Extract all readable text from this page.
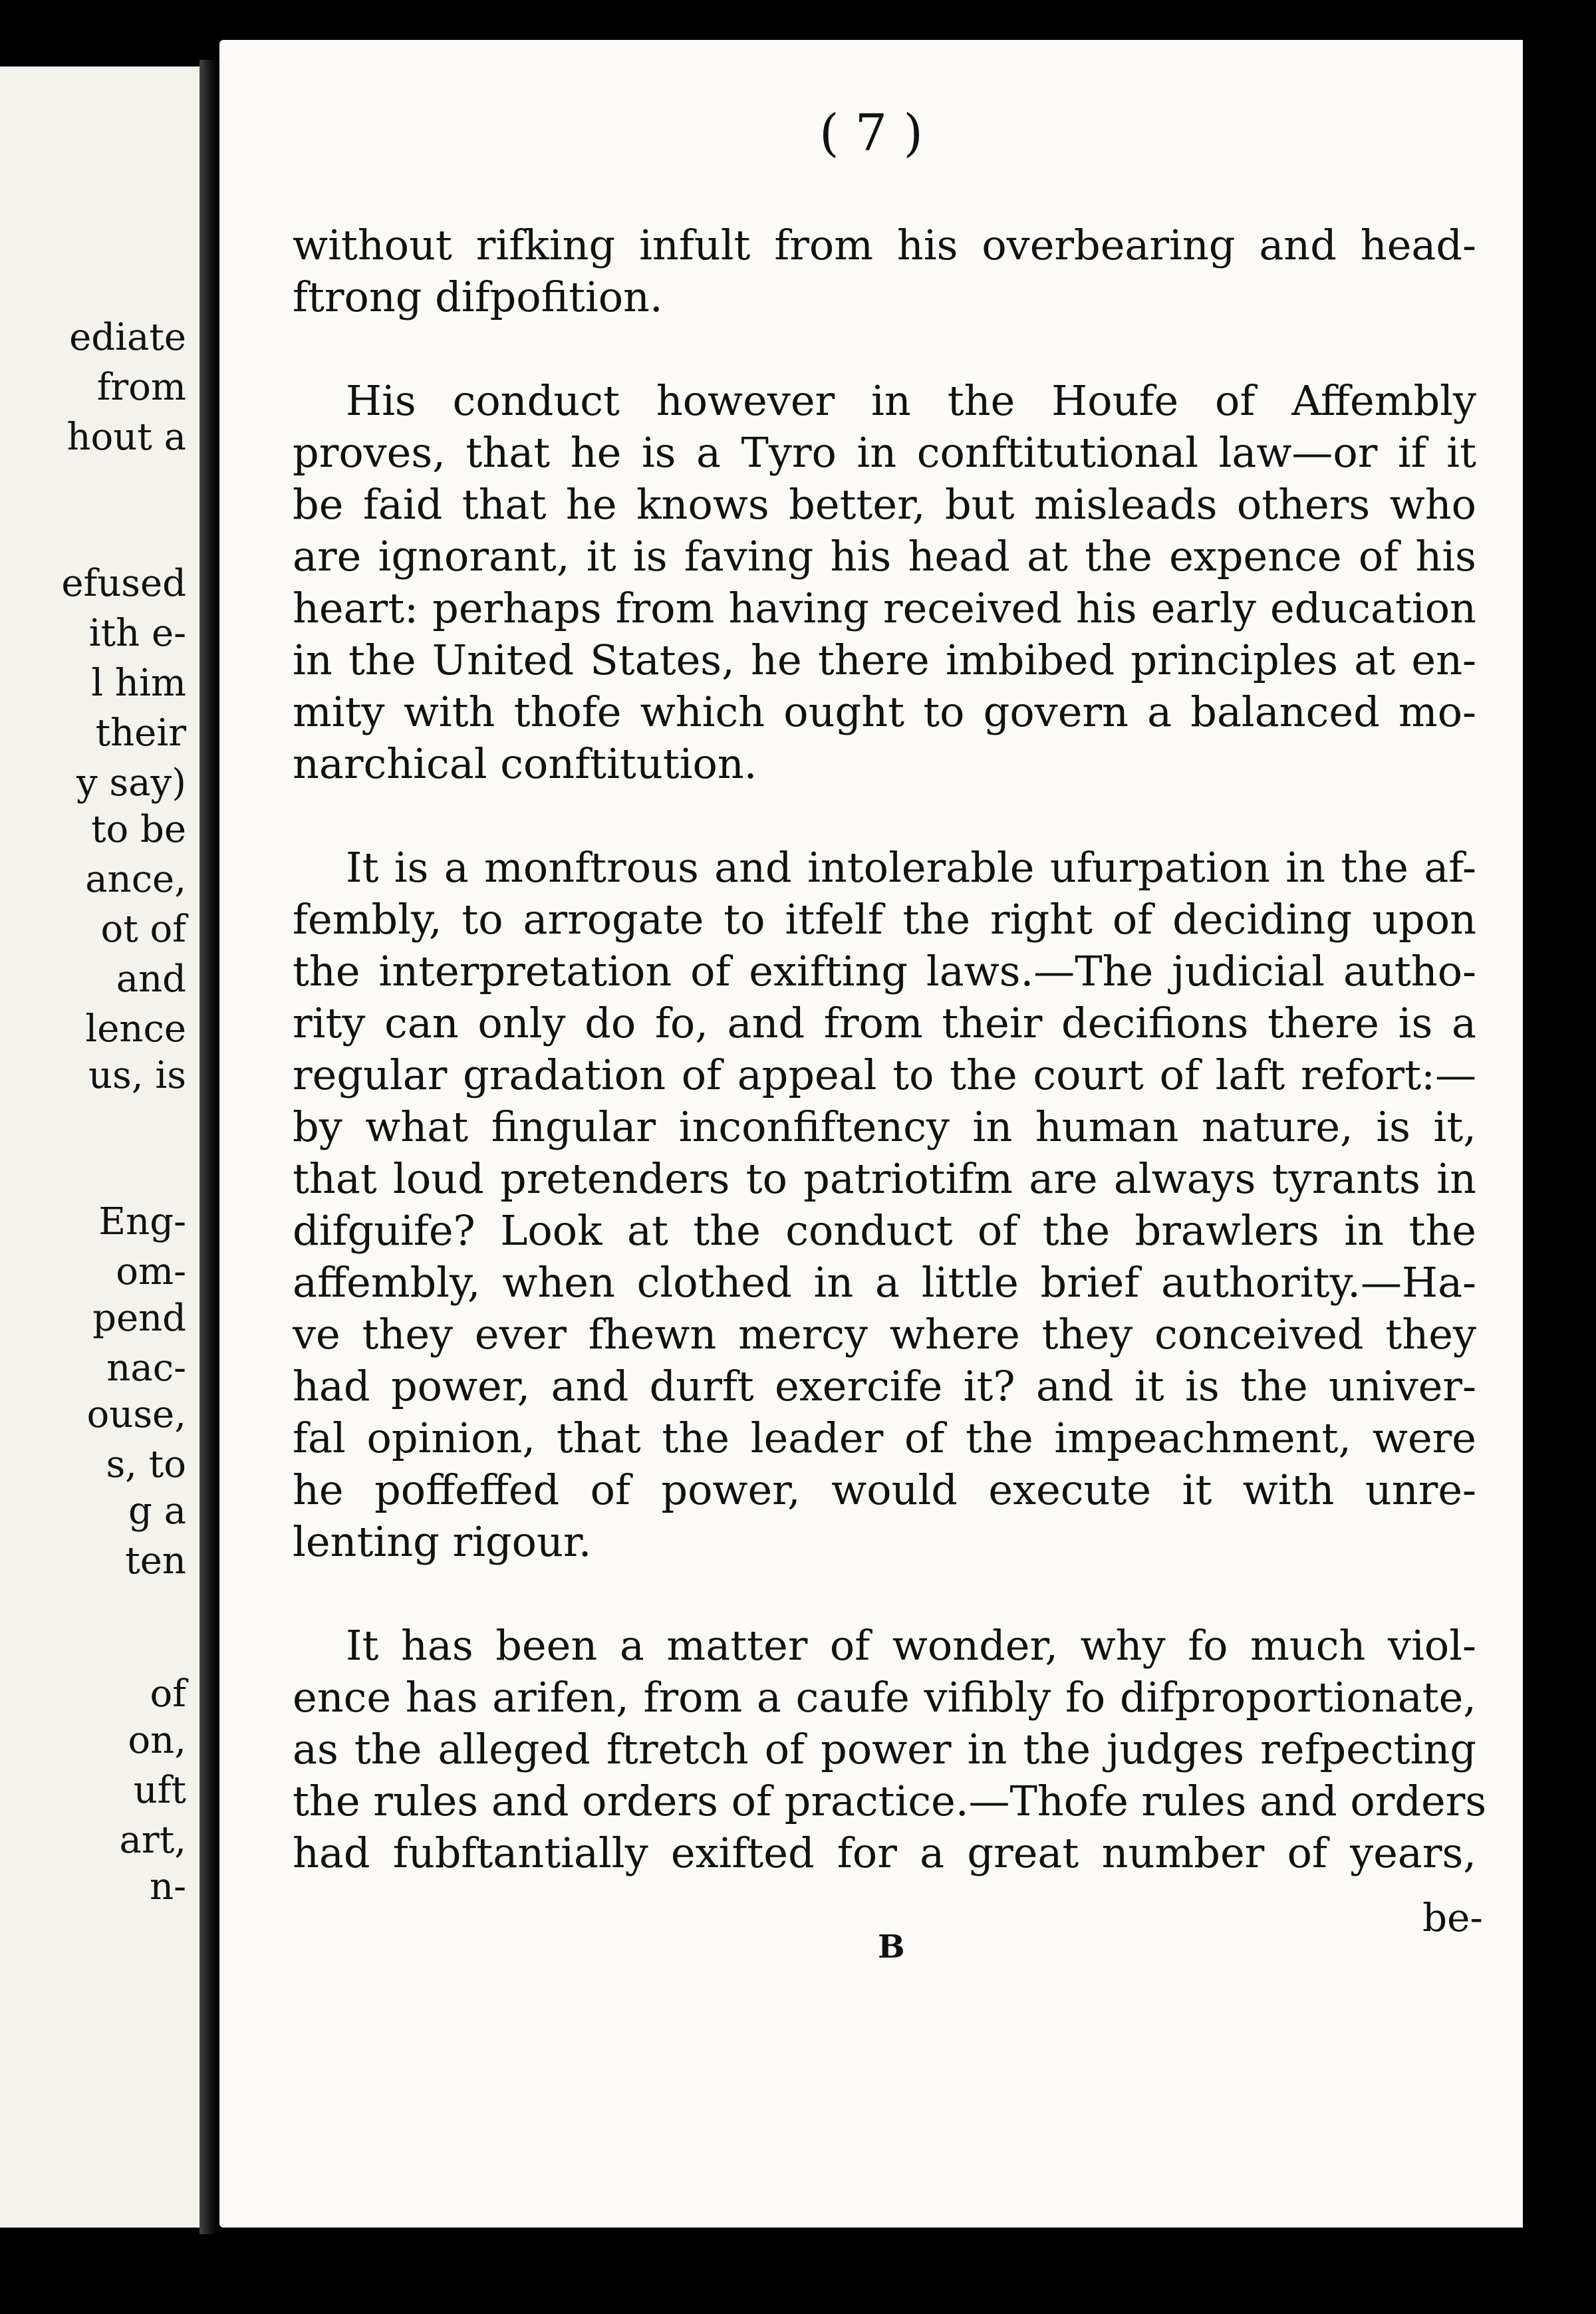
ediate
from
hout a
efused
ith e-
l him
their
y say)
to be
ance,
ot of
and
lence
us, is
Eng-
om-
pend
nac-
ouse,
s, to
g a
ten
of
on,
uft
art,
n-
( 7 )
without rifking infult from his overbearing and head-
ftrong difpofition.
His conduct however in the Houfe of Affembly
proves, that he is a Tyro in conftitutional law—or if it
be faid that he knows better, but misleads others who
are ignorant, it is faving his head at the expence of his
heart: perhaps from having received his early education
in the United States, he there imbibed principles at en-
mity with thofe which ought to govern a balanced mo-
narchical conftitution.
It is a monftrous and intolerable ufurpation in the af-
fembly, to arrogate to itfelf the right of deciding upon
the interpretation of exifting laws.—The judicial autho-
rity can only do fo, and from their decifions there is a
regular gradation of appeal to the court of laft refort:—
by what fingular inconfiftency in human nature, is it,
that loud pretenders to patriotifm are always tyrants in
difguife? Look at the conduct of the brawlers in the
affembly, when clothed in a little brief authority.—Ha-
ve they ever fhewn mercy where they conceived they
had power, and durft exercife it? and it is the univer-
fal opinion, that the leader of the impeachment, were
he poffeffed of power, would execute it with unre-
lenting rigour.
It has been a matter of wonder, why fo much viol-
ence has arifen, from a caufe vifibly fo difproportionate,
as the alleged ftretch of power in the judges refpecting
the rules and orders of practice.—Thofe rules and orders
had fubftantially exifted for a great number of years,
be-
B
